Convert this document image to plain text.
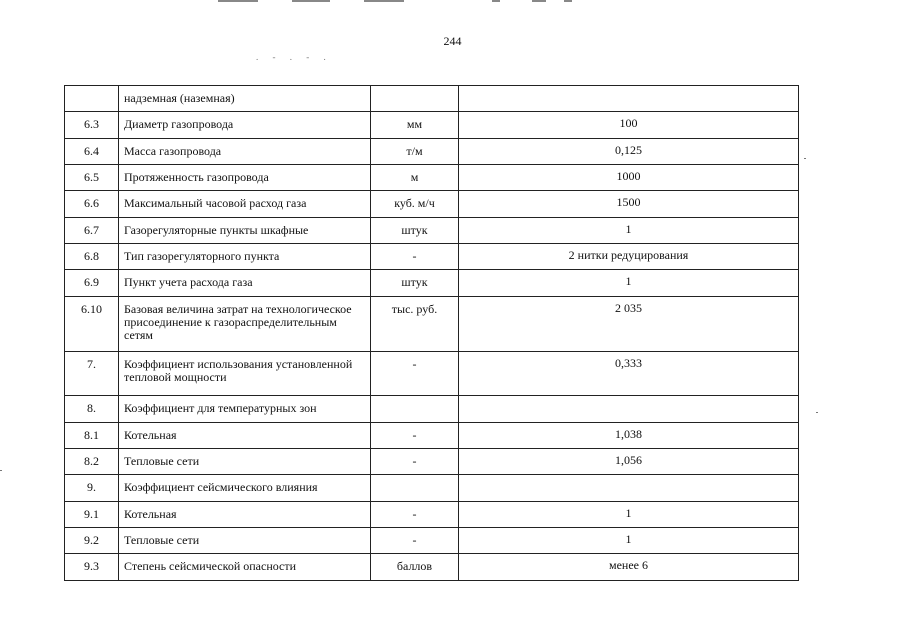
244
. - . - .
	надземная (наземная)		
6.3	Диаметр газопровода	мм	100
6.4	Масса газопровода	т/м	0,125
6.5	Протяженность газопровода	м	1000
6.6	Максимальный часовой расход газа	куб. м/ч	1500
6.7	Газорегуляторные пункты шкафные	штук	1
6.8	Тип газорегуляторного пункта	-	2 нитки редуцирования
6.9	Пункт учета расхода газа	штук	1
6.10	Базовая величина затрат на технологическое присоединение к газораспределительным сетям	тыс. руб.	2 035
7.	Коэффициент использования установленной тепловой мощности	-	0,333
8.	Коэффициент для температурных зон		
8.1	Котельная	-	1,038
8.2	Тепловые сети	-	1,056
9.	Коэффициент сейсмического влияния		
9.1	Котельная	-	1
9.2	Тепловые сети	-	1
9.3	Степень сейсмической опасности	баллов	менее 6
